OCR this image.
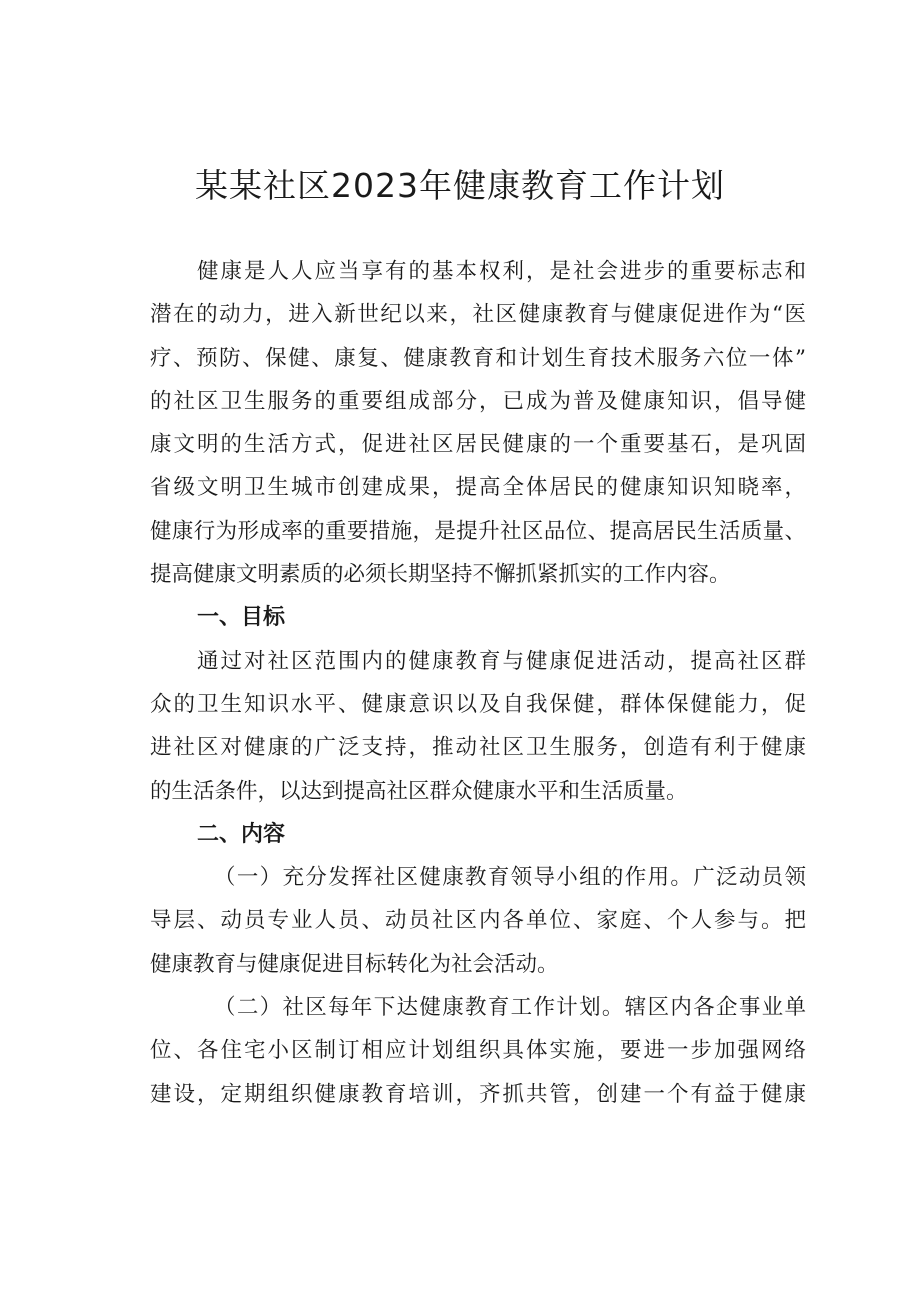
某某社区2023年健康教育工作计划
健康是人人应当享有的基本权利，是社会进步的重要标志和
潜在的动力，进入新世纪以来，社区健康教育与健康促进作为“医
疗、预防、保健、康复、健康教育和计划生育技术服务六位一体”
的社区卫生服务的重要组成部分，已成为普及健康知识，倡导健
康文明的生活方式，促进社区居民健康的一个重要基石，是巩固
省级文明卫生城市创建成果，提高全体居民的健康知识知晓率，
健康行为形成率的重要措施，是提升社区品位、提高居民生活质量、
提高健康文明素质的必须长期坚持不懈抓紧抓实的工作内容。
一、目标
通过对社区范围内的健康教育与健康促进活动，提高社区群
众的卫生知识水平、健康意识以及自我保健，群体保健能力，促
进社区对健康的广泛支持，推动社区卫生服务，创造有利于健康
的生活条件，以达到提高社区群众健康水平和生活质量。
二、内容
（一）充分发挥社区健康教育领导小组的作用。广泛动员领
导层、动员专业人员、动员社区内各单位、家庭、个人参与。把
健康教育与健康促进目标转化为社会活动。
（二）社区每年下达健康教育工作计划。辖区内各企事业单
位、各住宅小区制订相应计划组织具体实施，要进一步加强网络
建设，定期组织健康教育培训，齐抓共管，创建一个有益于健康
